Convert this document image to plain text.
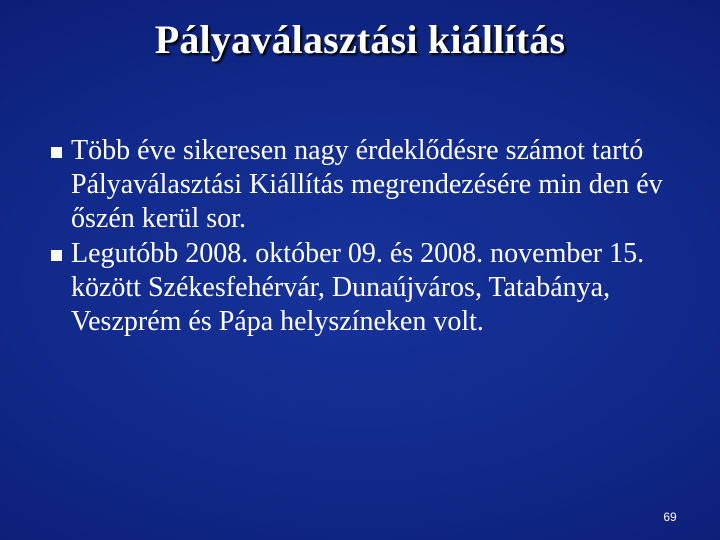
Pályaválasztási kiállítás
Több éve sikeresen nagy érdeklődésre számot tartó Pályaválasztási Kiállítás megrendezésére min den év őszén kerül sor.
Legutóbb 2008. október 09. és 2008. november 15. között Székesfehérvár, Dunaújváros, Tatabánya, Veszprém és Pápa helyszíneken volt.
69
